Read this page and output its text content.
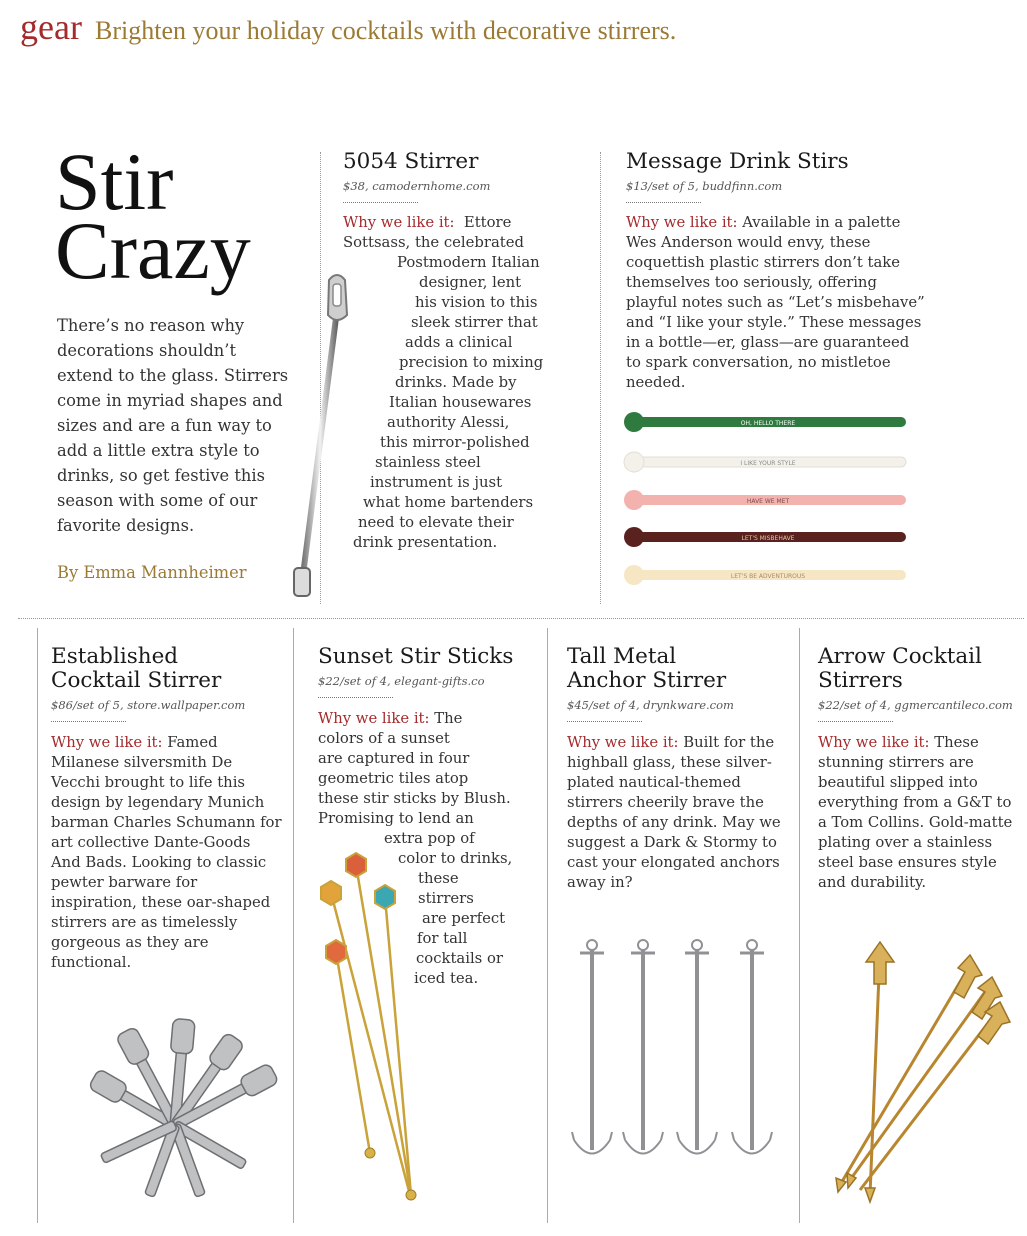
gear Brighten your holiday cocktails with decorative stirrers.
Stir
Crazy

There’s no reason why decorations shouldn’t extend to the glass. Stirrers come in myriad shapes and sizes and are a fun way to add a little extra style to drinks, so get festive this season with some of our favorite designs.

By Emma Mannheimer
5054 Stirrer
$38, camodernhome.com
Why we like it: Ettore
Sottsass, the celebrated
Postmodern Italian
designer, lent
his vision to this
sleek stirrer that
adds a clinical
precision to mixing
drinks. Made by
Italian housewares
authority Alessi,
this mirror-polished
stainless steel
instrument is just
what home bartenders
need to elevate their
drink presentation.
Message Drink Stirs
$13/set of 5, buddfinn.com
Why we like it: Available in a palette Wes Anderson would envy, these coquettish plastic stirrers don’t take themselves too seriously, offering playful notes such as “Let’s misbehave” and “I like your style.” These messages in a bottle—er, glass—are guaranteed to spark conversation, no mistletoe needed.
OH, HELLO THERE
I LIKE YOUR STYLE
HAVE WE MET
LET'S MISBEHAVE
LET'S BE ADVENTUROUS
Established
Cocktail Stirrer
$86/set of 5, store.wallpaper.com
Why we like it: Famed Milanese silversmith De Vecchi brought to life this design by legendary Munich barman Charles Schumann for art collective Dante-Goods And Bads. Looking to classic pewter barware for inspiration, these oar-shaped stirrers are as timelessly gorgeous as they are functional.
Sunset Stir Sticks
$22/set of 4, elegant-gifts.co
Why we like it: The
colors of a sunset
are captured in four
geometric tiles atop
these stir sticks by Blush.
Promising to lend an
extra pop of
color to drinks,
these
stirrers
are perfect
for tall
cocktails or
iced tea.
Tall Metal
Anchor Stirrer
$45/set of 4, drynkware.com
Why we like it: Built for the highball glass, these silver-plated nautical-themed stirrers cheerily brave the depths of any drink. May we suggest a Dark & Stormy to cast your elongated anchors away in?
Arrow Cocktail
Stirrers
$22/set of 4, ggmercantileco.com
Why we like it: These stunning stirrers are beautiful slipped into everything from a G&T to a Tom Collins. Gold-matte plating over a stainless steel base ensures style and durability.
